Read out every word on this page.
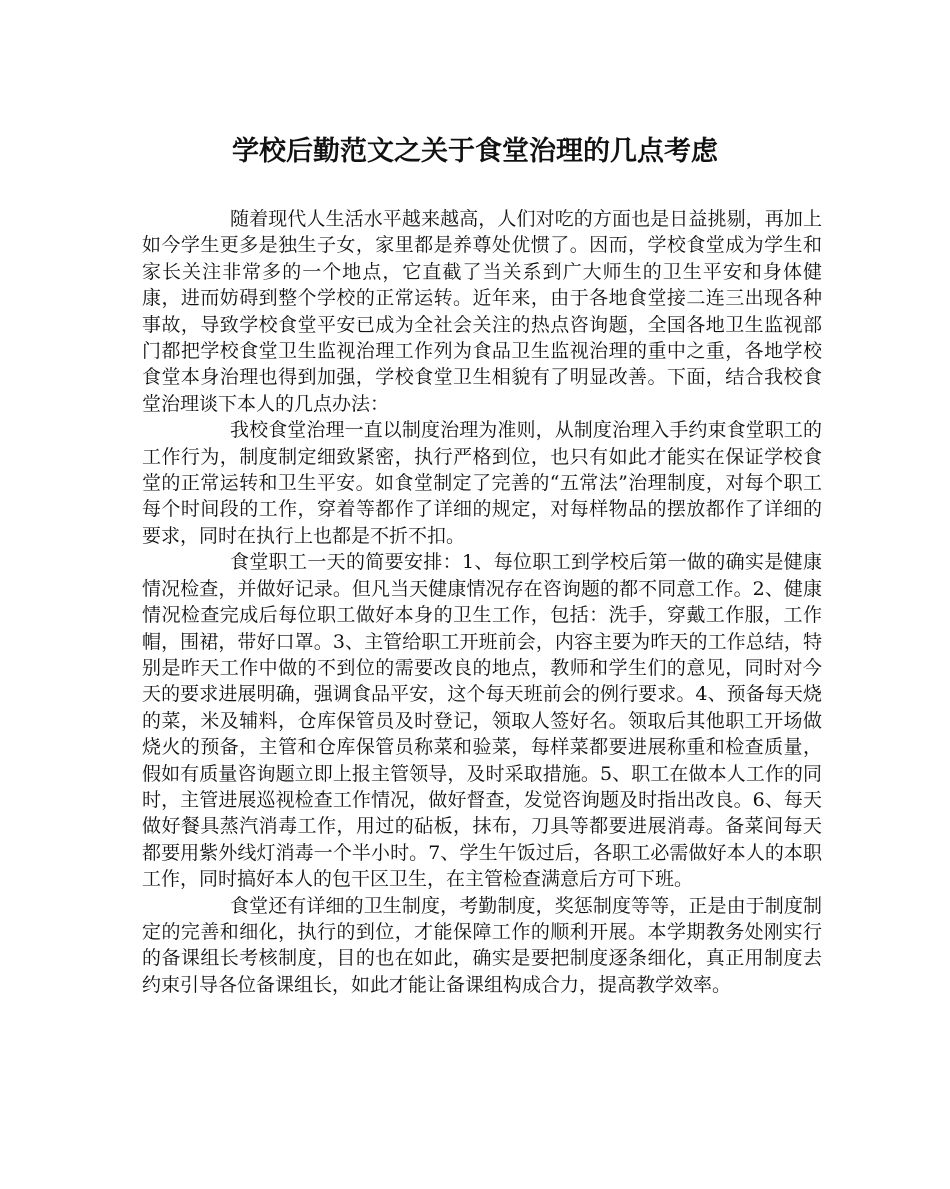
学校后勤范文之关于食堂治理的几点考虑

随着现代人生活水平越来越高，人们对吃的方面也是日益挑剔，再加上如今学生更多是独生子女，家里都是养尊处优惯了。因而，学校食堂成为学生和家长关注非常多的一个地点，它直截了当关系到广大师生的卫生平安和身体健康，进而妨碍到整个学校的正常运转。近年来，由于各地食堂接二连三出现各种事故，导致学校食堂平安已成为全社会关注的热点咨询题，全国各地卫生监视部门都把学校食堂卫生监视治理工作列为食品卫生监视治理的重中之重，各地学校食堂本身治理也得到加强，学校食堂卫生相貌有了明显改善。下面，结合我校食堂治理谈下本人的几点办法：

我校食堂治理一直以制度治理为准则，从制度治理入手约束食堂职工的工作行为，制度制定细致紧密，执行严格到位，也只有如此才能实在保证学校食堂的正常运转和卫生平安。如食堂制定了完善的“五常法”治理制度，对每个职工每个时间段的工作，穿着等都作了详细的规定，对每样物品的摆放都作了详细的要求，同时在执行上也都是不折不扣。

食堂职工一天的简要安排：1、每位职工到学校后第一做的确实是健康情况检查，并做好记录。但凡当天健康情况存在咨询题的都不同意工作。2、健康情况检查完成后每位职工做好本身的卫生工作，包括：洗手，穿戴工作服，工作帽，围裙，带好口罩。3、主管给职工开班前会，内容主要为昨天的工作总结，特别是昨天工作中做的不到位的需要改良的地点，教师和学生们的意见，同时对今天的要求进展明确，强调食品平安，这个每天班前会的例行要求。4、预备每天烧的菜，米及辅料，仓库保管员及时登记，领取人签好名。领取后其他职工开场做烧火的预备，主管和仓库保管员称菜和验菜，每样菜都要进展称重和检查质量，假如有质量咨询题立即上报主管领导，及时采取措施。5、职工在做本人工作的同时，主管进展巡视检查工作情况，做好督查，发觉咨询题及时指出改良。6、每天做好餐具蒸汽消毒工作，用过的砧板，抹布，刀具等都要进展消毒。备菜间每天都要用紫外线灯消毒一个半小时。7、学生午饭过后，各职工必需做好本人的本职工作，同时搞好本人的包干区卫生，在主管检查满意后方可下班。

食堂还有详细的卫生制度，考勤制度，奖惩制度等等，正是由于制度制定的完善和细化，执行的到位，才能保障工作的顺利开展。本学期教务处刚实行的备课组长考核制度，目的也在如此，确实是要把制度逐条细化，真正用制度去约束引导各位备课组长，如此才能让备课组构成合力，提高教学效率。
